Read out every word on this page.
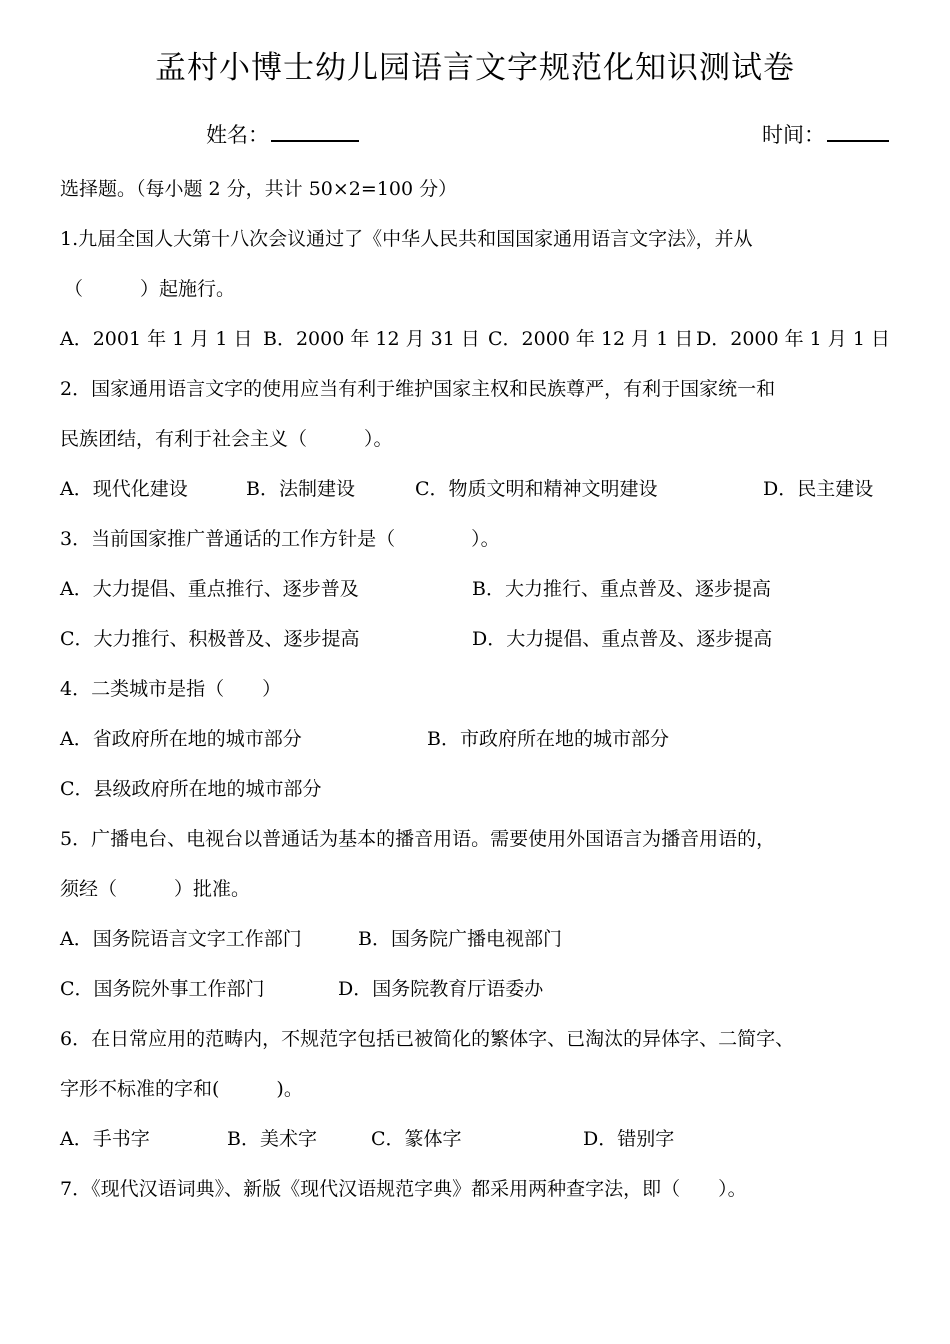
孟村小博士幼儿园语言文字规范化知识测试卷
姓名：	时间：
选择题。（每小题 2 分，共计 50×2=100 分）
1.九届全国人大第十八次会议通过了《中华人民共和国国家通用语言文字法》，并从
（　　　）起施行。
A．2001 年 1 月 1 日 B．2000 年 12 月 31 日 C．2000 年 12 月 1 日 D．2000 年 1 月 1 日
2．国家通用语言文字的使用应当有利于维护国家主权和民族尊严，有利于国家统一和
民族团结，有利于社会主义（　　　）。
A．现代化建设	B．法制建设	C．物质文明和精神文明建设	D．民主建设
3．当前国家推广普通话的工作方针是（　　　　）。
A．大力提倡、重点推行、逐步普及	B．大力推行、重点普及、逐步提高
C．大力推行、积极普及、逐步提高	D．大力提倡、重点普及、逐步提高
4．二类城市是指（　　）
A．省政府所在地的城市部分	B．市政府所在地的城市部分
C．县级政府所在地的城市部分
5．广播电台、电视台以普通话为基本的播音用语。需要使用外国语言为播音用语的，
须经（　　　）批准。
A．国务院语言文字工作部门	B．国务院广播电视部门
C．国务院外事工作部门	D．国务院教育厅语委办
6．在日常应用的范畴内，不规范字包括已被简化的繁体字、已淘汰的异体字、二简字、
字形不标准的字和(　　　)。
A．手书字	B．美术字	C．篆体字	D．错别字
7．《现代汉语词典》、新版《现代汉语规范字典》都采用两种查字法，即（　　）。
